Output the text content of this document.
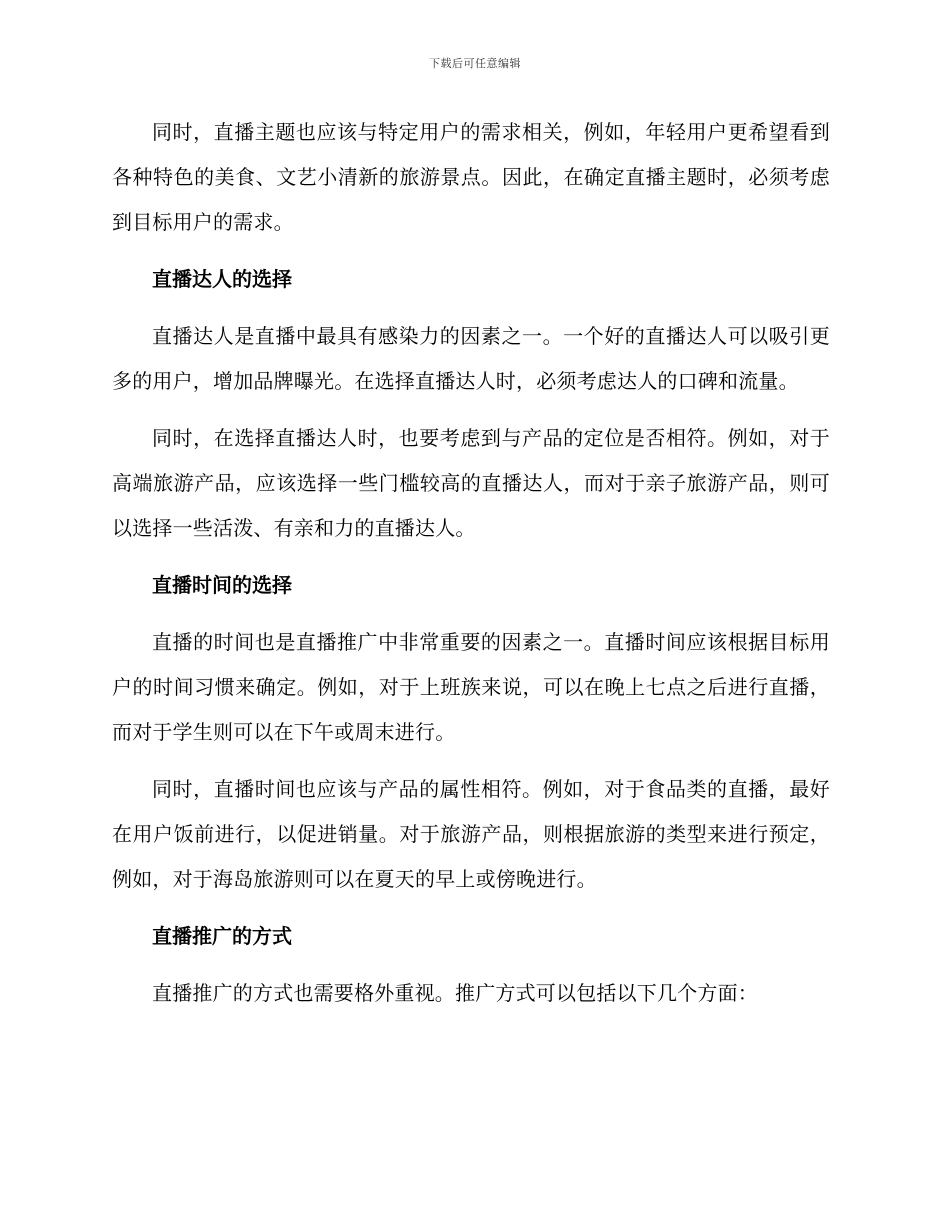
下载后可任意编辑

同时，直播主题也应该与特定用户的需求相关，例如，年轻用户更希望看到各种特色的美食、文艺小清新的旅游景点。因此，在确定直播主题时，必须考虑到目标用户的需求。

直播达人的选择

直播达人是直播中最具有感染力的因素之一。一个好的直播达人可以吸引更多的用户，增加品牌曝光。在选择直播达人时，必须考虑达人的口碑和流量。

同时，在选择直播达人时，也要考虑到与产品的定位是否相符。例如，对于高端旅游产品，应该选择一些门槛较高的直播达人，而对于亲子旅游产品，则可以选择一些活泼、有亲和力的直播达人。

直播时间的选择

直播的时间也是直播推广中非常重要的因素之一。直播时间应该根据目标用户的时间习惯来确定。例如，对于上班族来说，可以在晚上七点之后进行直播，而对于学生则可以在下午或周末进行。

同时，直播时间也应该与产品的属性相符。例如，对于食品类的直播，最好在用户饭前进行，以促进销量。对于旅游产品，则根据旅游的类型来进行预定，例如，对于海岛旅游则可以在夏天的早上或傍晚进行。

直播推广的方式

直播推广的方式也需要格外重视。推广方式可以包括以下几个方面：
